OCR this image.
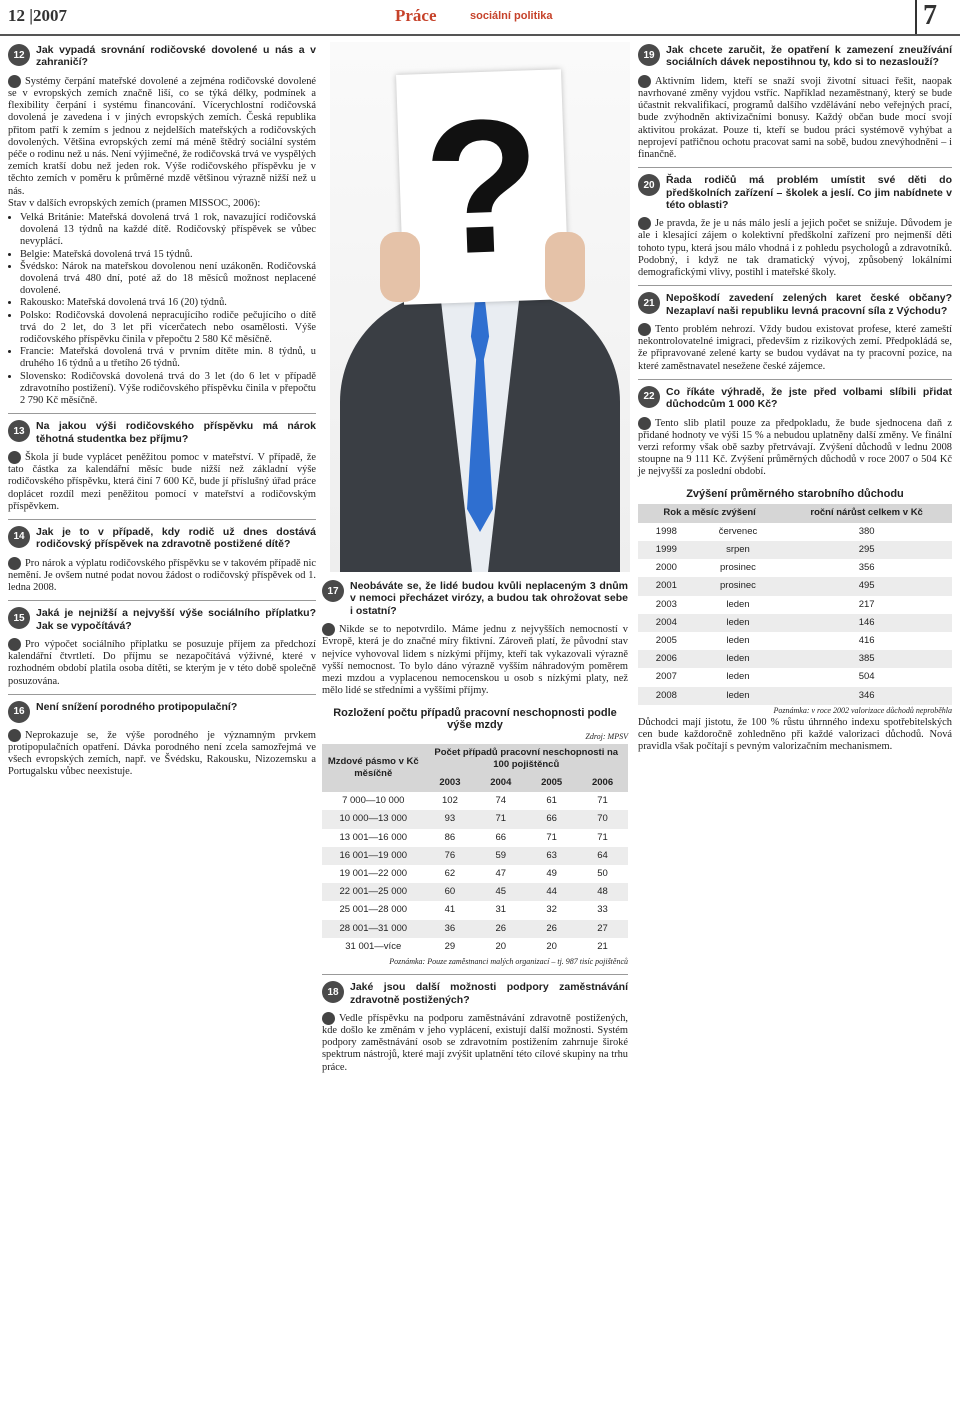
12 |2007	Práce	sociální politika	7
12	Jak vypadá srovnání rodičovské dovolené u nás a v zahraničí?
Systémy čerpání mateřské dovolené a zejména rodičovské dovolené se v evropských zemích značně liší, co se týká délky, podmínek a flexibility čerpání i systému financování. Vícerychlostní rodičovská dovolená je zavedena i v jiných evropských zemích. Česká republika přitom patří k zemím s jednou z nejdelších mateřských a rodičovských dovolených. Většina evropských zemí má méně štědrý sociální systém péče o rodinu než u nás. Není výjimečné, že rodičovská trvá ve vyspělých zemích kratší dobu než jeden rok. Výše rodičovského příspěvku je v těchto zemích v poměru k průměrné mzdě většinou výrazně nižší než u nás.
Stav v dalších evropských zemích (pramen MISSOC, 2006):
• Velká Británie: Mateřská dovolená trvá 1 rok, navazující rodičovská dovolená 13 týdnů na každé dítě. Rodičovský příspěvek se vůbec nevyplácí.
• Belgie: Mateřská dovolená trvá 15 týdnů.
• Švédsko: Nárok na mateřskou dovolenou není uzákoněn. Rodičovská dovolená trvá 480 dní, poté až do 18 měsíců možnost neplacené dovolené.
• Rakousko: Mateřská dovolená trvá 16 (20) týdnů.
• Polsko: Rodičovská dovolená nepracujícího rodiče pečujícího o dítě trvá do 2 let, do 3 let při vícerčatech nebo osamělosti. Výše rodičovského příspěvku činila v přepočtu 2 580 Kč měsíčně.
• Francie: Mateřská dovolená trvá v prvním dítěte min. 8 týdnů, u druhého 16 týdnů a u třetího 26 týdnů.
• Slovensko: Rodičovská dovolená trvá do 3 let (do 6 let v případě zdravotního postižení). Výše rodičovského příspěvku činila v přepočtu 2 790 Kč měsíčně.
13	Na jakou výši rodičovského příspěvku má nárok těhotná studentka bez příjmu?
Škola jí bude vyplácet peněžitou pomoc v mateřství. V případě, že tato částka za kalendářní měsíc bude nižší než základní výše rodičovského příspěvku, která činí 7 600 Kč, bude jí příslušný úřad práce doplácet rozdíl mezi peněžitou pomocí v mateřství a rodičovským příspěvkem.
14	Jak je to v případě, kdy rodič už dnes dostává rodičovský příspěvek na zdravotně postižené dítě?
Pro nárok a výplatu rodičovského příspěvku se v takovém případě nic nemění. Je ovšem nutné podat novou žádost o rodičovský příspěvek od 1. ledna 2008.
15	Jaká je nejnižší a nejvyšší výše sociálního příplatku? Jak se vypočítává?
Pro výpočet sociálního příplatku se posuzuje příjem za předchozí kalendářní čtvrtletí. Do příjmu se nezapočítává výživné, které v rozhodném období platila osoba dítěti, se kterým je v této době společně posuzována.
16	Není snížení porodného protipopulační?
Neprokazuje se, že výše porodného je významným prvkem protipopulačních opatření. Dávka porodného není zcela samozřejmá ve všech evropských zemích, např. ve Švédsku, Rakousku, Nizozemsku a Portugalsku vůbec neexistuje.
?
17	Neobáváte se, že lidé budou kvůli neplaceným 3 dnům v nemoci přecházet virózy, a budou tak ohrožovat sebe i ostatní?
Nikde se to nepotvrdilo. Máme jednu z nejvyšších nemocností v Evropě, která je do značné míry fiktivní. Zároveň platí, že původní stav nejvíce vyhovoval lidem s nízkými příjmy, kteří tak vykazovali výrazně vyšší nemocnost. To bylo dáno výrazně vyšším náhradovým poměrem mezi mzdou a vyplacenou nemocenskou u osob s nízkými platy, než mělo lidé se středními a vyššími příjmy.
Rozložení počtu případů pracovní neschopnosti podle výše mzdy
Zdroj: MPSV
Mzdové pásmo v Kč měsíčně	Počet případů pracovní neschopnosti na 100 pojištěnců			
	2003	2004	2005	2006
7 000—10 000	102	74	61	71
10 000—13 000	93	71	66	70
13 001—16 000	86	66	71	71
16 001—19 000	76	59	63	64
19 001—22 000	62	47	49	50
22 001—25 000	60	45	44	48
25 001—28 000	41	31	32	33
28 001—31 000	36	26	26	27
31 001—více	29	20	20	21
Poznámka: Pouze zaměstnanci malých organizací – tj. 987 tisíc pojištěnců
18	Jaké jsou další možnosti podpory zaměstnávání zdravotně postižených?
Vedle příspěvku na podporu zaměstnávání zdravotně postižených, kde došlo ke změnám v jeho vyplácení, existují další možnosti. Systém podpory zaměstnávání osob se zdravotním postižením zahrnuje široké spektrum nástrojů, které mají zvýšit uplatnění této cílové skupiny na trhu práce.
19	Jak chcete zaručit, že opatření k zamezení zneužívání sociálních dávek nepostihnou ty, kdo si to nezaslouží?
Aktivním lidem, kteří se snaží svoji životní situaci řešit, naopak navrhované změny vyjdou vstříc. Například nezaměstnaný, který se bude účastnit rekvalifikací, programů dalšího vzdělávání nebo veřejných prací, bude zvýhodněn aktivizačními bonusy. Každý občan bude mocí svojí aktivitou prokázat. Pouze ti, kteří se budou práci systémově vyhýbat a neprojeví patřičnou ochotu pracovat sami na sobě, budou znevýhodněni – i finančně.
20	Řada rodičů má problém umístit své děti do předškolních zařízení – školek a jeslí. Co jim nabídnete v této oblasti?
Je pravda, že je u nás málo jeslí a jejich počet se snižuje. Důvodem je ale i klesající zájem o kolektivní předškolní zařízení pro nejmenší děti tohoto typu, která jsou málo vhodná i z pohledu psychologů a zdravotníků. Podobný, i když ne tak dramatický vývoj, způsobený lokálními demografickými vlivy, postihl i mateřské školy.
21	Nepoškodí zavedení zelených karet české občany? Nezaplaví naši republiku levná pracovní síla z Východu?
Tento problém nehrozí. Vždy budou existovat profese, které zameští nekontrolovatelné imigraci, především z rizikových zemí. Předpokládá se, že připravované zelené karty se budou vydávat na ty pracovní pozice, na které zaměstnavatel nesežene české zájemce.
22	Co říkáte výhradě, že jste před volbami slíbili přidat důchodcům 1 000 Kč?
Tento slib platil pouze za předpokladu, že bude sjednocena daň z přidané hodnoty ve výši 15 % a nebudou uplatněny další změny. Ve finální verzi reformy však obě sazby přetrvávají. Zvýšení důchodů v lednu 2008 stoupne na 9 111 Kč. Zvýšení průměrných důchodů v roce 2007 o 504 Kč je nejvyšší za poslední období.
Zvýšení průměrného starobního důchodu
Rok a měsíc zvýšení		roční nárůst celkem v Kč
1998	červenec	380
1999	srpen	295
2000	prosinec	356
2001	prosinec	495
2003	leden	217
2004	leden	146
2005	leden	416
2006	leden	385
2007	leden	504
2008	leden	346
Poznámka: v roce 2002 valorizace důchodů neproběhla
Důchodci mají jistotu, že 100 % růstu úhrnného indexu spotřebitelských cen bude každoročně zohledněno při každé valorizaci důchodů. Nová pravidla však počítají s pevným valorizačním mechanismem.
